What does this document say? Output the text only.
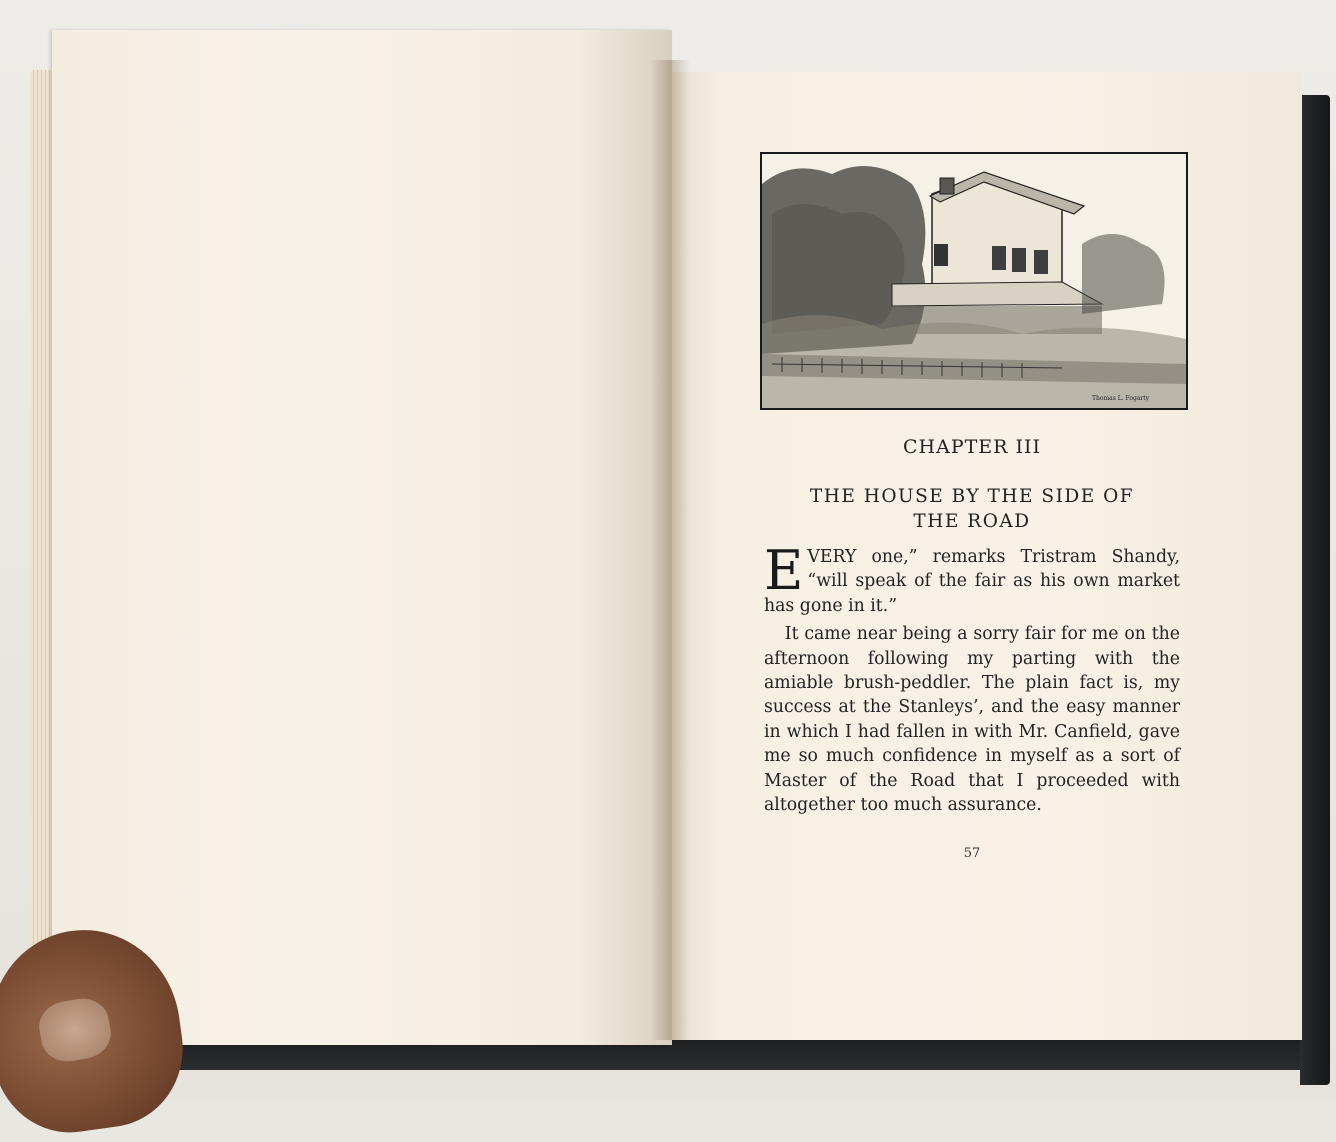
Thomas L. Fogarty

CHAPTER III

THE HOUSE BY THE SIDE OF
THE ROAD

EVERY one,” remarks Tristram Shandy, “will speak of the fair as his own market has gone in it.”

It came near being a sorry fair for me on the afternoon following my parting with the amiable brush-peddler. The plain fact is, my success at the Stanleys’, and the easy manner in which I had fallen in with Mr. Canfield, gave me so much confidence in myself as a sort of Master of the Road that I proceeded with altogether too much assurance.

57
